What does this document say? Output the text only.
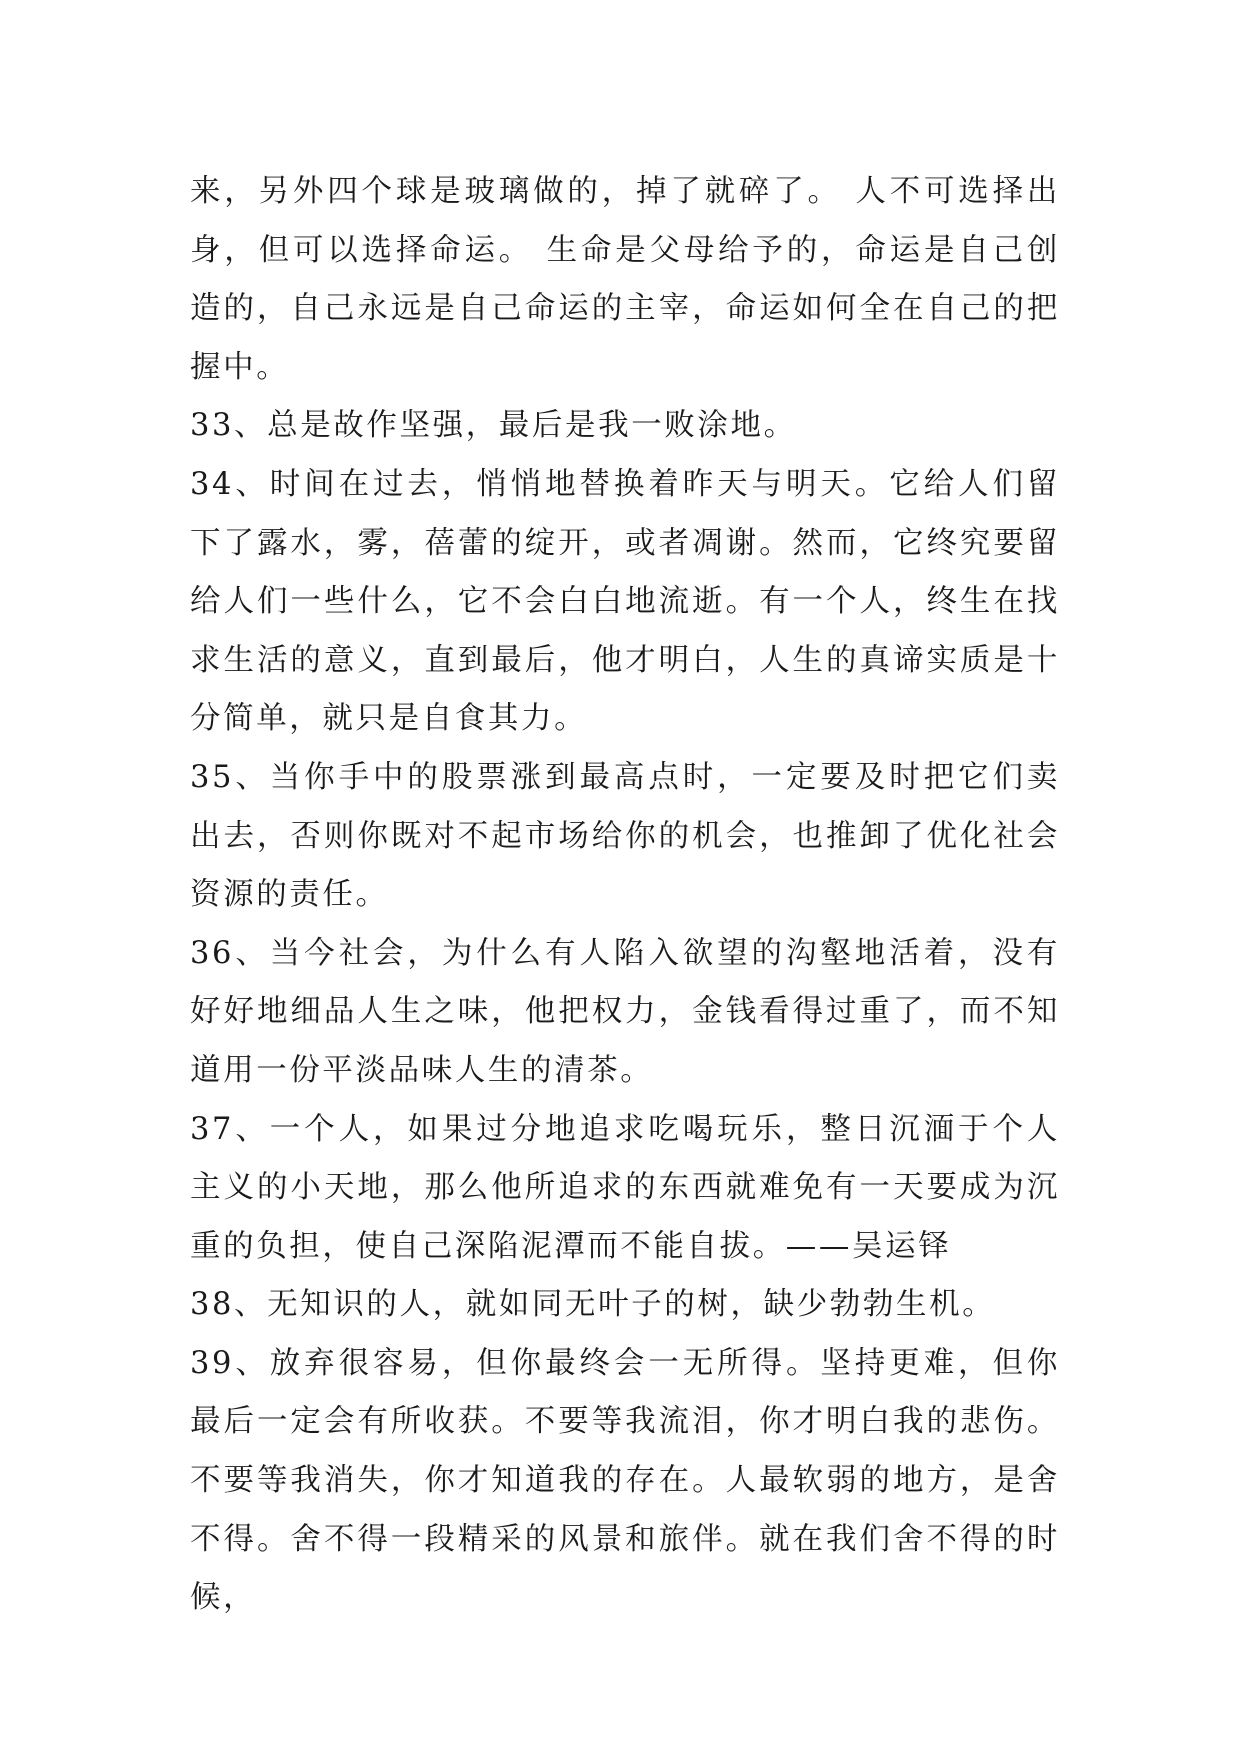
来，另外四个球是玻璃做的，掉了就碎了。 人不可选择出身，但可以选择命运。 生命是父母给予的，命运是自己创造的，自己永远是自己命运的主宰，命运如何全在自己的把握中。

33、总是故作坚强，最后是我一败涂地。

34、时间在过去，悄悄地替换着昨天与明天。它给人们留下了露水，雾，蓓蕾的绽开，或者凋谢。然而，它终究要留给人们一些什么，它不会白白地流逝。有一个人，终生在找求生活的意义，直到最后，他才明白，人生的真谛实质是十分简单，就只是自食其力。

35、当你手中的股票涨到最高点时，一定要及时把它们卖出去，否则你既对不起市场给你的机会，也推卸了优化社会资源的责任。

36、当今社会，为什么有人陷入欲望的沟壑地活着，没有好好地细品人生之味，他把权力，金钱看得过重了，而不知道用一份平淡品味人生的清茶。

37、一个人，如果过分地追求吃喝玩乐，整日沉湎于个人主义的小天地，那么他所追求的东西就难免有一天要成为沉重的负担，使自己深陷泥潭而不能自拔。——吴运铎

38、无知识的人，就如同无叶子的树，缺少勃勃生机。

39、放弃很容易，但你最终会一无所得。坚持更难，但你最后一定会有所收获。不要等我流泪，你才明白我的悲伤。不要等我消失，你才知道我的存在。人最软弱的地方，是舍不得。舍不得一段精采的风景和旅伴。就在我们舍不得的时候，
